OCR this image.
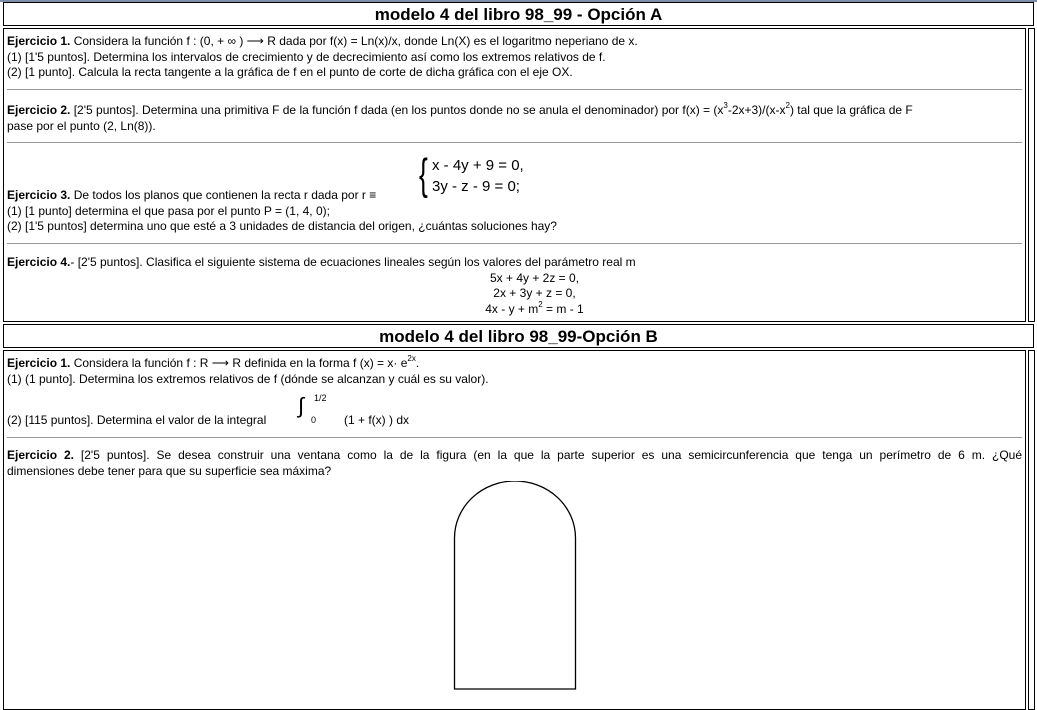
modelo 4 del libro 98_99 - Opción A
Ejercicio 1. Considera la función f : (0, + ∞ ) ⟶ R dada por f(x) = Ln(x)/x, donde Ln(X) es el logaritmo neperiano de x.
(1) [1'5 puntos]. Determina los intervalos de crecimiento y de decrecimiento así como los extremos relativos de f.
(2) [1 punto]. Calcula la recta tangente a la gráfica de f en el punto de corte de dicha gráfica con el eje OX.
Ejercicio 2. [2'5 puntos]. Determina una primitiva F de la función f dada (en los puntos donde no se anula el denominador) por $f(x) = (x^3-2x+3)/(x-x^2)$ tal que la gráfica de F
pase por el punto (2, Ln(8)).
{ x - 4y + 9 = 0,
3y - z - 9 = 0;
Ejercicio 3. De todos los planos que contienen la recta r dada por r ≡
(1) [1 punto] determina el que pasa por el punto P = (1, 4, 0);
(2) [1'5 puntos] determina uno que esté a 3 unidades de distancia del origen, ¿cuántas soluciones hay?
Ejercicio 4.- [2'5 puntos]. Clasifica el siguiente sistema de ecuaciones lineales según los valores del parámetro real m
5x + 4y + 2z = 0,
2x + 3y + z = 0,
$4x - y + m^2 = m - 1$
modelo 4 del libro 98_99-Opción B
Ejercicio 1. Considera la función f : R ⟶ R definida en la forma f $(x) = x\cdot e^{2x}$.
(1) (1 punto]. Determina los extremos relativos de f (dónde se alcanzan y cuál es su valor).
(2) [115 puntos]. Determina el valor de la integral
∫ 1/2
0 (1 + f(x) ) dx
Ejercicio 2. [2'5 puntos]. Se desea construir una ventana como la de la figura (en la que la parte superior es una semicircunferencia que tenga un perímetro de 6 m. ¿Qué
dimensiones debe tener para que su superficie sea máxima?
